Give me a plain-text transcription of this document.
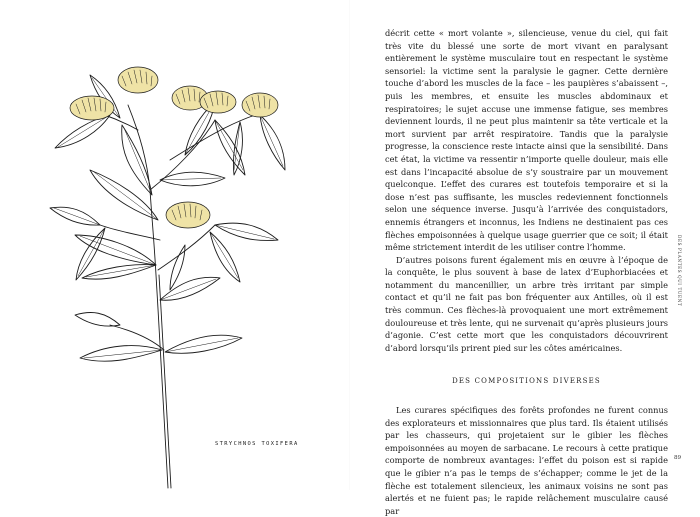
STRYCHNOS TOXIFERA

décrit cette « mort volante », silencieuse, venue du ciel, qui fait très vite du blessé une sorte de mort vivant en paralysant entièrement le système musculaire tout en respectant le système sensoriel: la victime sent la paralysie le gagner. Cette dernière touche d’abord les muscles de la face – les paupières s’abaissent –, puis les membres, et ensuite les muscles abdominaux et respiratoires; le sujet accuse une immense fatigue, ses membres deviennent lourds, il ne peut plus maintenir sa tête verticale et la mort survient par arrêt respiratoire. Tandis que la paralysie progresse, la conscience reste intacte ainsi que la sensibilité. Dans cet état, la victime va ressentir n’importe quelle douleur, mais elle est dans l’incapacité absolue de s’y soustraire par un mouvement quelconque. L’effet des curares est toutefois temporaire et si la dose n’est pas suffisante, les muscles redeviennent fonctionnels selon une séquence inverse. Jusqu’à l’arrivée des conquistadors, ennemis étrangers et inconnus, les Indiens ne destinaient pas ces flèches empoisonnées à quelque usage guerrier que ce soit; il était même strictement interdit de les utiliser contre l’homme.

D’autres poisons furent également mis en œuvre à l’époque de la conquête, le plus souvent à base de latex d’Euphorbiacées et notamment du mancenillier, un arbre très irritant par simple contact et qu’il ne fait pas bon fréquenter aux Antilles, où il est très commun. Ces flèches-là provoquaient une mort extrêmement douloureuse et très lente, qui ne survenait qu’après plusieurs jours d’agonie. C’est cette mort que les conquistadors découvrirent d’abord lorsqu’ils prirent pied sur les côtes américaines.

DES COMPOSITIONS DIVERSES

Les curares spécifiques des forêts profondes ne furent connus des explorateurs et missionnaires que plus tard. Ils étaient utilisés par les chasseurs, qui projetaient sur le gibier les flèches empoisonnées au moyen de sarbacane. Le recours à cette pratique comporte de nombreux avantages: l’effet du poison est si rapide que le gibier n’a pas le temps de s’échapper; comme le jet de la flèche est totalement silencieux, les animaux voisins ne sont pas alertés et ne fuient pas; le rapide relâchement musculaire causé par

DES PLANTES QUI TUENT
89
